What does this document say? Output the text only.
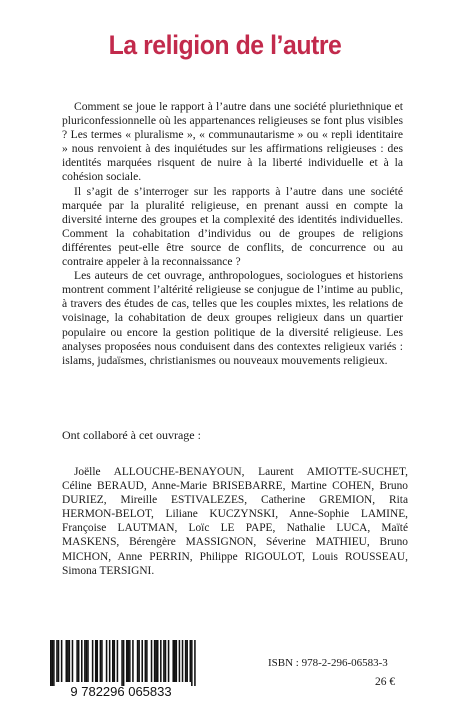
La religion de l’autre

Comment se joue le rapport à l’autre dans une société pluriethnique et pluriconfessionnelle où les appartenances religieuses se font plus visibles ? Les termes « pluralisme », « communautarisme » ou « repli identitaire » nous renvoient à des inquiétudes sur les affirmations religieuses : des identités marquées risquent de nuire à la liberté individuelle et à la cohésion sociale.

Il s’agit de s’interroger sur les rapports à l’autre dans une société marquée par la pluralité religieuse, en prenant aussi en compte la diversité interne des groupes et la complexité des identités individuelles. Comment la cohabitation d’individus ou de groupes de religions différentes peut-elle être source de conflits, de concurrence ou au contraire appeler à la reconnaissance ?

Les auteurs de cet ouvrage, anthropologues, sociologues et historiens montrent comment l’altérité religieuse se conjugue de l’intime au public, à travers des études de cas, telles que les couples mixtes, les relations de voisinage, la cohabitation de deux groupes religieux dans un quartier populaire ou encore la gestion politique de la diversité religieuse. Les analyses proposées nous conduisent dans des contextes religieux variés : islams, judaïsmes, christianismes ou nouveaux mouvements religieux.

Ont collaboré à cet ouvrage :
Joëlle ALLOUCHE-BENAYOUN, Laurent AMIOTTE-SUCHET, Céline BERAUD, Anne-Marie BRISEBARRE, Martine COHEN, Bruno DURIEZ, Mireille ESTIVALEZES, Catherine GREMION, Rita HERMON-BELOT, Liliane KUCZYNSKI, Anne-Sophie LAMINE, Françoise LAUTMAN, Loïc LE PAPE, Nathalie LUCA, Maïté MASKENS, Bérengère MASSIGNON, Séverine MATHIEU, Bruno MICHON, Anne PERRIN, Philippe RIGOULOT, Louis ROUSSEAU, Simona TERSIGNI.
9 782296 065833
ISBN : 978-2-296-06583-3
26 €
